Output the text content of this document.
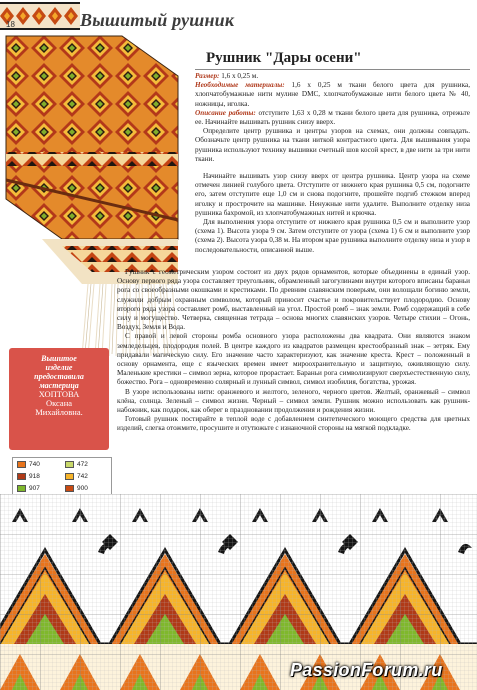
18	Вышитый рушник
Рушник "Дары осени"

Размер: 1,6 х 0,25 м.

Необходимые материалы: 1,6 х 0,25 м ткани белого цвета для рушника, хлопчатобумажные нити мулине DMC, хлопчатобумажные нити белого цвета № 40, ножницы, иголка.

Описание работы: отступите 1,63 х 0,28 м ткани белого цвета для рушника, отрежьте ее. Начинайте вышивать рушник снизу вверх.

Определите центр рушника и центры узоров на схемах, они должны совпадать. Обозначьте центр рушника на ткани ниткой контрастного цвета. Для вышивания узора рушника используют технику вышивки счетный шов косой крест, в две нити за три нити ткани.

Начинайте вышивать узор снизу вверх от центра рушника. Центр узора на схеме отмечен линией голубого цвета. Отступите от нижнего края рушника 0,5 см, подогните его, затем отступите еще 1,0 см и снова подогните, прошейте подгиб стежком вперед иголку и прострочите на машинке. Ненужные нити удалите. Выполните отделку низа рушника бахромой, из хлопчатобумажных нитей и крючка.

Для выполнения узора отступите от нижнего края рушника 0,5 см и выполните узор (схема 1). Высота узора 9 см. Затем отступите от узора (схема 1) 6 см и выполните узор (схема 2). Высота узора 0,38 м. На втором крае рушника выполните отделку низа и узор в последовательности, описанной выше.

Рушник с геометрическим узором состоит из двух рядов орнаментов, которые объединены в единый узор. Основу первого ряда узора составляет треугольник, обрамленный загогулинами внутри которого вписаны бараньи рога со своеобразными окошками и крестиками. По древним славянским поверьям, они волощали богиню земли, служили добрым охранным символом, который приносит счастье и покровительствует плодородию. Основу второго ряда узора составляет ромб, выставленный на угол. Простой ромб – знак земли. Ромб содержащий в себе силу и могущество. Четверка, священная тетрада – основа многих славянских узоров. Четыре стихии – Огонь, Воздух, Земля и Вода.

С правой и левой стороны ромба основного узора расположены два квадрата. Они являются знаком земледельцев, плодородия полей. В центре каждого из квадратов размещен крестообразный знак – зетряк. Ему придавали магическую силу. Его значение часто характеризуют, как значение креста. Крест – положенный в основу орнамента, еще с языческих времен имеет мироохранительную и защитную, оживляющую силу. Маленькие крестики – символ зерна, которое прорастает. Бараньи рога символизируют сверхъестественную силу, божество. Рога – одновременно солярный и лунный символ, символ изобилия, богатства, урожая.

В узоре использованы нити: оранжевого и желтого, зеленого, черного цветов. Желтый, оранжевый – символ клёна, солнца. Зеленый – символ жизни. Черный – символ земли. Рушник можно использовать как рушник-набожник, как подарок, как оберег в праздновании продолжения и рождения жизни.

Готовый рушник постирайте в теплой воде с добавлением синтетического моющего средства для цветных изделий, слегка отожмите, просушите и отутюжьте с изнаночной стороны на мягкой подкладке.

Вышитое
изделие
предоставила
мастерица
ХОПТОВА
Оксана
Михайловна.
740	472
918	742
907	900
PassionForum.ru
